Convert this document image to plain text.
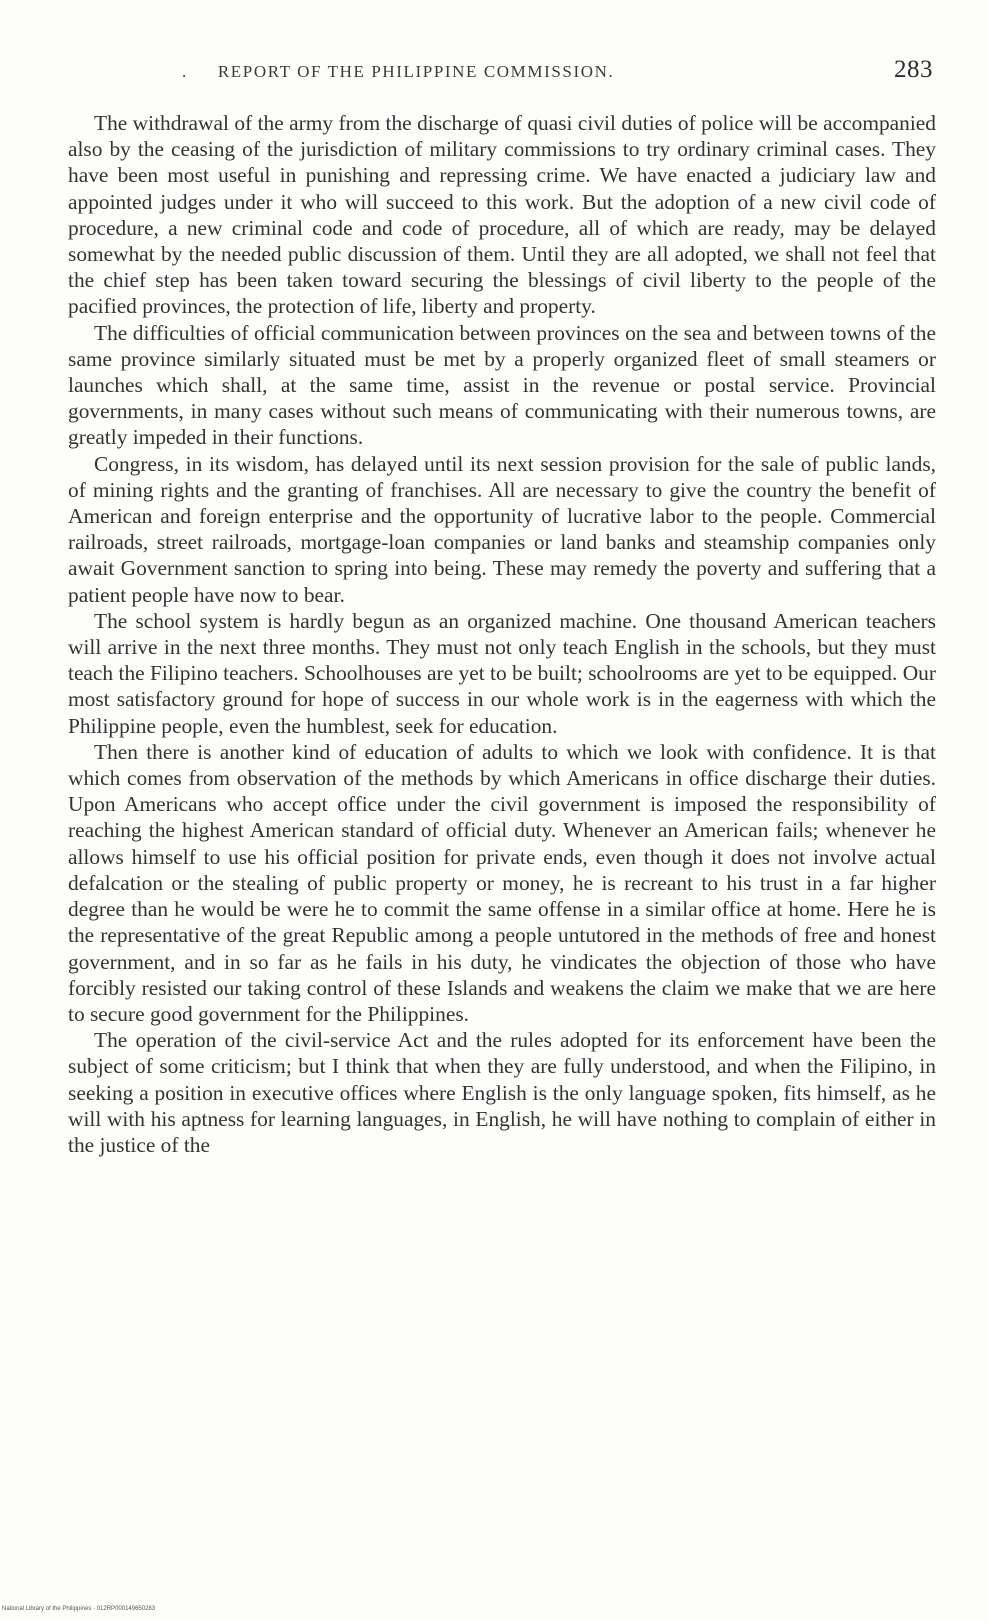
. REPORT OF THE PHILIPPINE COMMISSION.	283

The withdrawal of the army from the discharge of quasi civil duties of police will be accompanied also by the ceasing of the jurisdiction of military commissions to try ordinary criminal cases. They have been most useful in punishing and repressing crime. We have enacted a judiciary law and appointed judges under it who will succeed to this work. But the adoption of a new civil code of procedure, a new criminal code and code of procedure, all of which are ready, may be delayed somewhat by the needed public discussion of them. Until they are all adopted, we shall not feel that the chief step has been taken toward securing the blessings of civil liberty to the people of the pacified provinces, the protection of life, liberty and property.

The difficulties of official communication between provinces on the sea and between towns of the same province similarly situated must be met by a properly organized fleet of small steamers or launches which shall, at the same time, assist in the revenue or postal service. Provincial governments, in many cases without such means of communicating with their numerous towns, are greatly impeded in their functions.

Congress, in its wisdom, has delayed until its next session provision for the sale of public lands, of mining rights and the granting of franchises. All are necessary to give the country the benefit of American and foreign enterprise and the opportunity of lucrative labor to the people. Commercial railroads, street railroads, mortgage-loan companies or land banks and steamship companies only await Government sanction to spring into being. These may remedy the poverty and suffering that a patient people have now to bear.

The school system is hardly begun as an organized machine. One thousand American teachers will arrive in the next three months. They must not only teach English in the schools, but they must teach the Filipino teachers. Schoolhouses are yet to be built; schoolrooms are yet to be equipped. Our most satisfactory ground for hope of success in our whole work is in the eagerness with which the Philippine people, even the humblest, seek for education.

Then there is another kind of education of adults to which we look with confidence. It is that which comes from observation of the methods by which Americans in office discharge their duties. Upon Americans who accept office under the civil government is imposed the responsibility of reaching the highest American standard of official duty. Whenever an American fails; whenever he allows himself to use his official position for private ends, even though it does not involve actual defalcation or the stealing of public property or money, he is recreant to his trust in a far higher degree than he would be were he to commit the same offense in a similar office at home. Here he is the representative of the great Republic among a people untutored in the methods of free and honest government, and in so far as he fails in his duty, he vindicates the objection of those who have forcibly resisted our taking control of these Islands and weakens the claim we make that we are here to secure good government for the Philippines.

The operation of the civil-service Act and the rules adopted for its enforcement have been the subject of some criticism; but I think that when they are fully understood, and when the Filipino, in seeking a position in executive offices where English is the only language spoken, fits himself, as he will with his aptness for learning languages, in English, he will have nothing to complain of either in the justice of the

National Library of the Philippines · 012RP000149650283
